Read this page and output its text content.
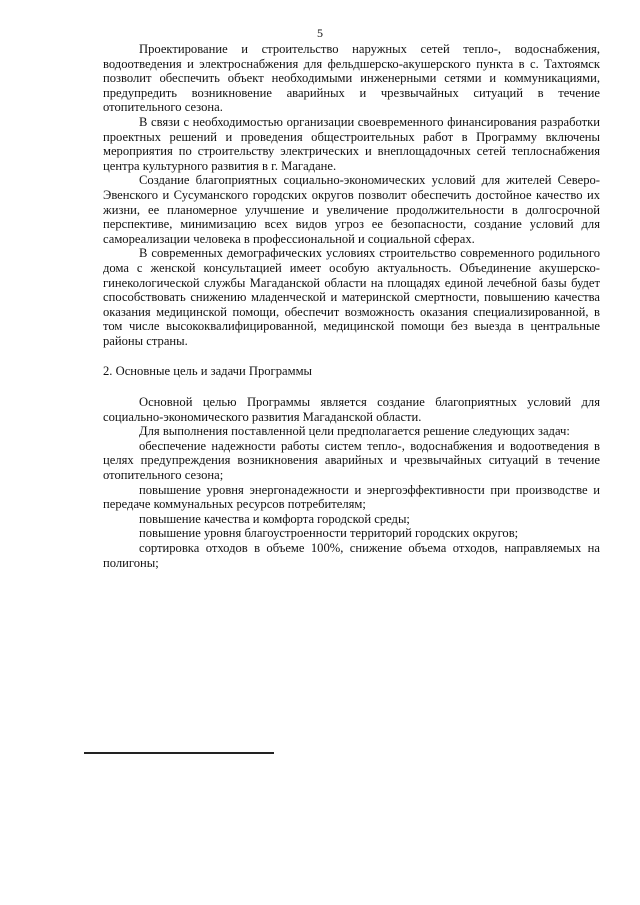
5

Проектирование и строительство наружных сетей тепло-, водоснабжения, водоотведения и электроснабжения для фельдшерско-акушерского пункта в с. Тахтоямск позволит обеспечить объект необходимыми инженерными сетями и коммуникациями, предупредить возникновение аварийных и чрезвычайных ситуаций в течение отопительного сезона.

В связи с необходимостью организации своевременного финансирования разработки проектных решений и проведения общестроительных работ в Программу включены мероприятия по строительству электрических и внеплощадочных сетей теплоснабжения центра культурного развития в г. Магадане.

Создание благоприятных социально-экономических условий для жителей Северо-Эвенского и Сусуманского городских округов позволит обеспечить достойное качество их жизни, ее планомерное улучшение и увеличение продолжительности в долгосрочной перспективе, минимизацию всех видов угроз ее безопасности, создание условий для самореализации человека в профессиональной и социальной сферах.

В современных демографических условиях строительство современного родильного дома с женской консультацией имеет особую актуальность. Объединение акушерско-гинекологической службы Магаданской области на площадях единой лечебной базы будет способствовать снижению младенческой и материнской смертности, повышению качества оказания медицинской помощи, обеспечит возможность оказания специализированной, в том числе высококвалифицированной, медицинской помощи без выезда в центральные районы страны.

2. Основные цель и задачи Программы

Основной целью Программы является создание благоприятных условий для социально-экономического развития Магаданской области.

Для выполнения поставленной цели предполагается решение следующих задач:

обеспечение надежности работы систем тепло-, водоснабжения и водоотведения в целях предупреждения возникновения аварийных и чрезвычайных ситуаций в течение отопительного сезона;

повышение уровня энергонадежности и энергоэффективности при производстве и передаче коммунальных ресурсов потребителям;

повышение качества и комфорта городской среды;

повышение уровня благоустроенности территорий городских округов;

сортировка отходов в объеме 100%, снижение объема отходов, направляемых на полигоны;
